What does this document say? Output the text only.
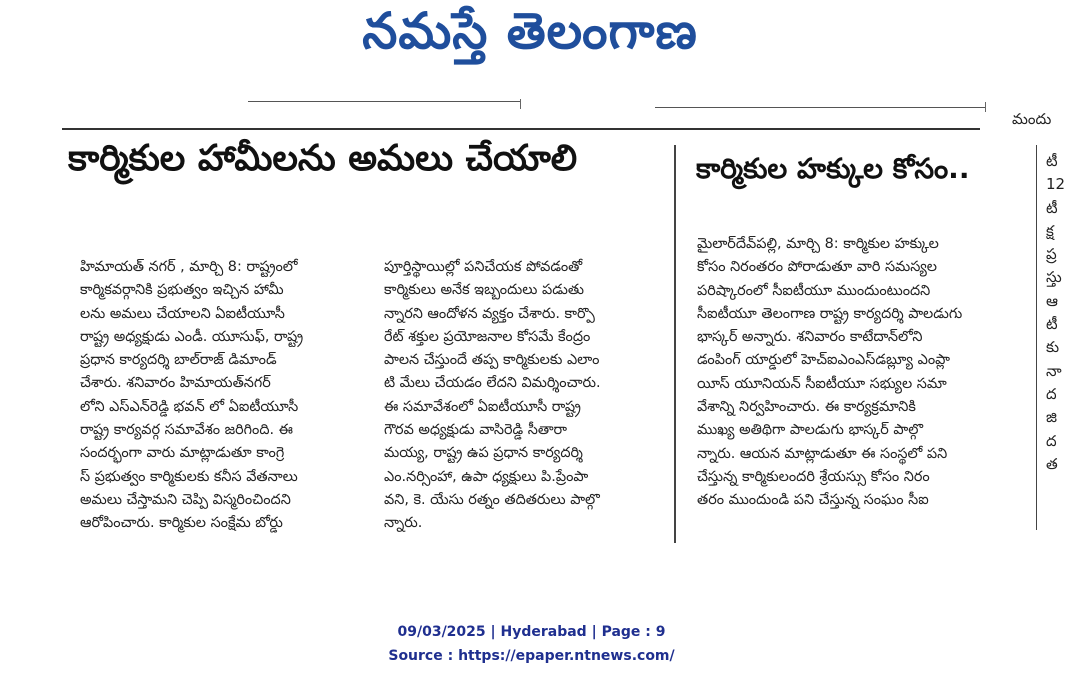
నమస్తే తెలంగాణ
మందు
కార్మికుల హామీలను అమలు చేయాలి
హిమాయత్ నగర్ , మార్చి 8: రాష్ట్రంలో
కార్మికవర్గానికి ప్రభుత్వం ఇచ్చిన హామీ
లను అమలు చేయాలని ఏఐటీయూసీ
రాష్ట్ర అధ్యక్షుడు ఎండీ. యూసుఫ్, రాష్ట్ర
ప్రధాన కార్యదర్శి బాల్‌రాజ్ డిమాండ్
చేశారు. శనివారం హిమాయత్‌నగర్
లోని ఎస్ఎన్‌రెడ్డి భవన్ లో ఏఐటీయూసీ
రాష్ట్ర కార్యవర్గ సమావేశం జరిగింది. ఈ
సందర్భంగా వారు మాట్లాడుతూ కాంగ్రె
స్ ప్రభుత్వం కార్మికులకు కనీస వేతనాలు
అమలు చేస్తామని చెప్పి విస్మరించిందని
ఆరోపించారు. కార్మికుల సంక్షేమ బోర్డు
పూర్తిస్థాయిల్లో పనిచేయక పోవడంతో
కార్మికులు అనేక ఇబ్బందులు పడుతు
న్నారని ఆందోళన వ్యక్తం చేశారు. కార్పొ
రేట్ శక్తుల ప్రయోజనాల కోసమే కేంద్రం
పాలన చేస్తుందే తప్ప కార్మికులకు ఎలాం
టి మేలు చేయడం లేదని విమర్శించారు.
ఈ సమావేశంలో ఏఐటీయూసీ రాష్ట్ర
గౌరవ అధ్యక్షుడు వాసిరెడ్డి సీతారా
మయ్య, రాష్ట్ర ఉప ప్రధాన కార్యదర్శి
ఎం.నర్సింహా, ఉపా ధ్యక్షులు పి.ప్రేంపా
వని, కె. యేసు రత్నం తదితరులు పాల్గొ
న్నారు.
కార్మికుల హక్కుల కోసం..
మైలార్‌దేవ్‌పల్లి, మార్చి 8: కార్మికుల హక్కుల
కోసం నిరంతరం పోరాడుతూ వారి సమస్యల
పరిష్కారంలో సీఐటీయూ ముందుంటుందని
సీఐటీయూ తెలంగాణ రాష్ట్ర కార్యదర్శి పాలడుగు
భాస్కర్ అన్నారు. శనివారం కాటేదాన్‌లోని
డంపింగ్ యార్డులో హెచ్ఐఎంఎస్‌డబ్ల్యూ ఎంప్లా
యీస్ యూనియన్ సీఐటీయూ సభ్యుల సమా
వేశాన్ని నిర్వహించారు. ఈ కార్యక్రమానికి
ముఖ్య అతిథిగా పాలడుగు భాస్కర్ పాల్గొ
న్నారు. ఆయన మాట్లాడుతూ ఈ సంస్థలో పని
చేస్తున్న కార్మికులందరి శ్రేయస్సు కోసం నిరం
తరం ముందుండి పని చేస్తున్న సంఘం సీఐ
టీ
12
టీ
క్ష
ప్ర
స్తు
ఆ
టీ
కు
నా
ద
జి
ద
త
09/03/2025 | Hyderabad | Page : 9
Source : https://epaper.ntnews.com/
